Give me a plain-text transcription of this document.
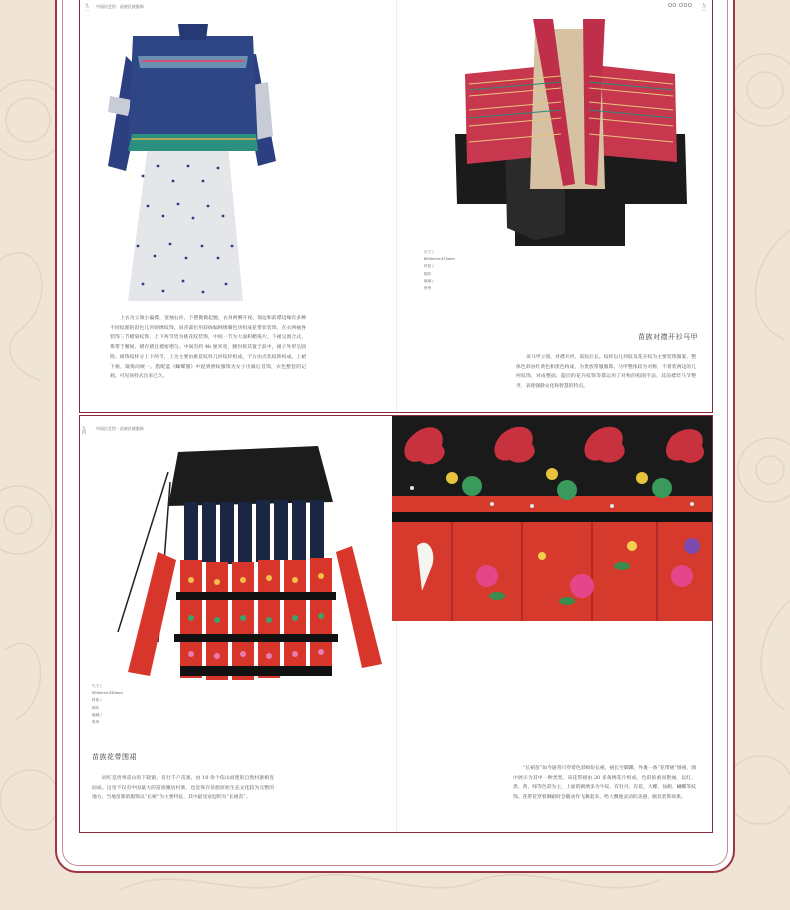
九二 中国民艺馆 · 苗族民族服饰	OO OOO 九三
上衣为立领小偏襟，宽袖右衽，下摆微微起翘，衣身两侧开衩。领边和前襟边缘有多种不同纹理的彩色几何锁绣纹饰，肩背部位用彩线编网绣制色块组成花带状装饰。在衣两袖各装饰三节蜡染纹饰，上下两节皆为挑花纹装饰，中间一节为大面积蜡染片。下裙呈围合式，系带于腰间，褶有褶且褶密褶匀。中间有约 4b 厘米宽，腰封将其置于前中，裙子外形呈圆筒。裙饰纹样分上下两节，上为主要由挑花纹样几何纹样组成，下方由点状纹饰构成。上裙下裙，凝炼而统一。搭配蓝《蝴蝶图》中提到褶纹服饰为女子出嫁后首饰，衣色整套的记载。可见该样式出来已久。
尺寸 /
800mm×475mm
材质 /
棉布
地域 /
贵州
苗族对襟开衫马甲
该马甲立领，对襟开衫，前短后长。纹样以几何纹及花卉纹为主要装饰图案，整体色彩由红黄色和黑色构成，为贵族常服服饰。马甲整体较为对称，不着装两边的几何纹饰，对成整面，隐层的花卉纹饰等都运用了对称的构图手法，其前襟装马节整齐，表现强静文化和智慧的特点。
九四 中国民艺馆 · 苗族民族服饰
尺寸 /
900mm×330mm
材质 /
棉布
地域 /
贵州
苗族花带围裙
而红是贵州雷山的下辖镇，有壮千户苗寨，由 10 余个依山而建的自然村寨相连而成。这里不仅有中国最大的苗族聚居村寨，也是保存苗族原始生态文化较为完整的地方，当地苗寨的服饰以“长裙”为主要特征，其中最受欢迎的为“长裙苗”。
“长裙苗”如今通常只穿着色彩缤纷长裙，裙长至脚踝，外裹一条“花带裙”围裙，图中展示为其中一种类型。该花带裙由 20 多条绣花片组成，色彩浓重而艳丽，以红、黑、黄、绿等色彩为主，上面的刺绣多为牛纹、有牡丹、有花、大蝶、仙鹤、蝴蝶等纹饰。花带花穿着舞蹈时会随动作飞舞起来，给人飘逸灵动的美感，颇具装饰效果。
